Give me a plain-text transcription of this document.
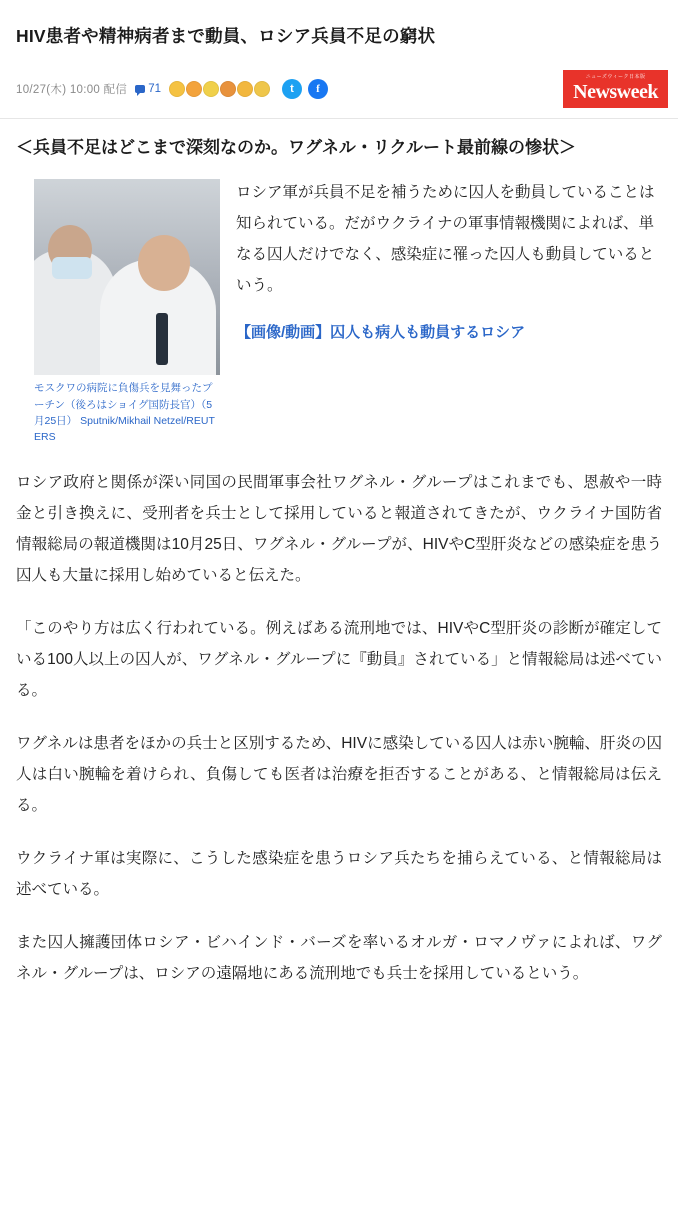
HIV患者や精神病者まで動員、ロシア兵員不足の窮状
10/27(木) 10:00 配信 71	t	f
ニューズウィーク日本版
Newsweek
＜兵員不足はどこまで深刻なのか。ワグネル・リクルート最前線の惨状＞
モスクワの病院に負傷兵を見舞ったプーチン（後ろはショイグ国防長官）（5月25日） Sputnik/Mikhail Netzel/REUTERS

ロシア軍が兵員不足を補うために囚人を動員していることは知られている。だがウクライナの軍事情報機関によれば、単なる囚人だけでなく、感染症に罹った囚人も動員しているという。

【画像/動画】囚人も病人も動員するロシア

ロシア政府と関係が深い同国の民間軍事会社ワグネル・グループはこれまでも、恩赦や一時金と引き換えに、受刑者を兵士として採用していると報道されてきたが、ウクライナ国防省情報総局の報道機関は10月25日、ワグネル・グループが、HIVやC型肝炎などの感染症を患う囚人も大量に採用し始めていると伝えた。

「このやり方は広く行われている。例えばある流刑地では、HIVやC型肝炎の診断が確定している100人以上の囚人が、ワグネル・グループに『動員』されている」と情報総局は述べている。

ワグネルは患者をほかの兵士と区別するため、HIVに感染している囚人は赤い腕輪、肝炎の囚人は白い腕輪を着けられ、負傷しても医者は治療を拒否することがある、と情報総局は伝える。

ウクライナ軍は実際に、こうした感染症を患うロシア兵たちを捕らえている、と情報総局は述べている。

また囚人擁護団体ロシア・ビハインド・バーズを率いるオルガ・ロマノヴァによれば、ワグネル・グループは、ロシアの遠隔地にある流刑地でも兵士を採用しているという。
